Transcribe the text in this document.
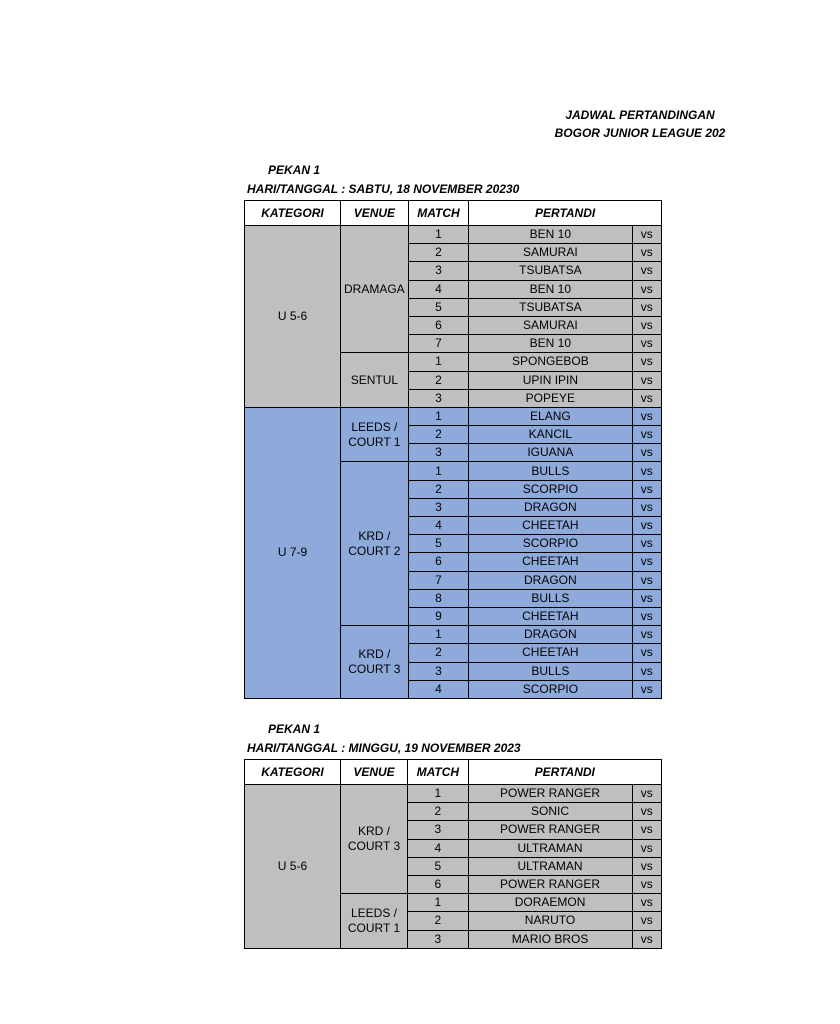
JADWAL PERTANDINGAN
BOGOR JUNIOR LEAGUE 202
PEKAN 1
HARI/TANGGAL : SABTU, 18 NOVEMBER 20230
KATEGORI	VENUE	MATCH	PERTANDI	
U 5-6	DRAMAGA	1	BEN 10	vs
		2	SAMURAI	vs
		3	TSUBATSA	vs
		4	BEN 10	vs
		5	TSUBATSA	vs
		6	SAMURAI	vs
		7	BEN 10	vs
	SENTUL	1	SPONGEBOB	vs
		2	UPIN IPIN	vs
		3	POPEYE	vs
U 7-9	LEEDS / COURT 1	1	ELANG	vs
		2	KANCIL	vs
		3	IGUANA	vs
	KRD / COURT 2	1	BULLS	vs
		2	SCORPIO	vs
		3	DRAGON	vs
		4	CHEETAH	vs
		5	SCORPIO	vs
		6	CHEETAH	vs
		7	DRAGON	vs
		8	BULLS	vs
		9	CHEETAH	vs
	KRD / COURT 3	1	DRAGON	vs
		2	CHEETAH	vs
		3	BULLS	vs
		4	SCORPIO	vs
PEKAN 1
HARI/TANGGAL : MINGGU, 19 NOVEMBER 2023
KATEGORI	VENUE	MATCH	PERTANDI	
U 5-6	KRD / COURT 3	1	POWER RANGER	vs
		2	SONIC	vs
		3	POWER RANGER	vs
		4	ULTRAMAN	vs
		5	ULTRAMAN	vs
		6	POWER RANGER	vs
	LEEDS / COURT 1	1	DORAEMON	vs
		2	NARUTO	vs
		3	MARIO BROS	vs
